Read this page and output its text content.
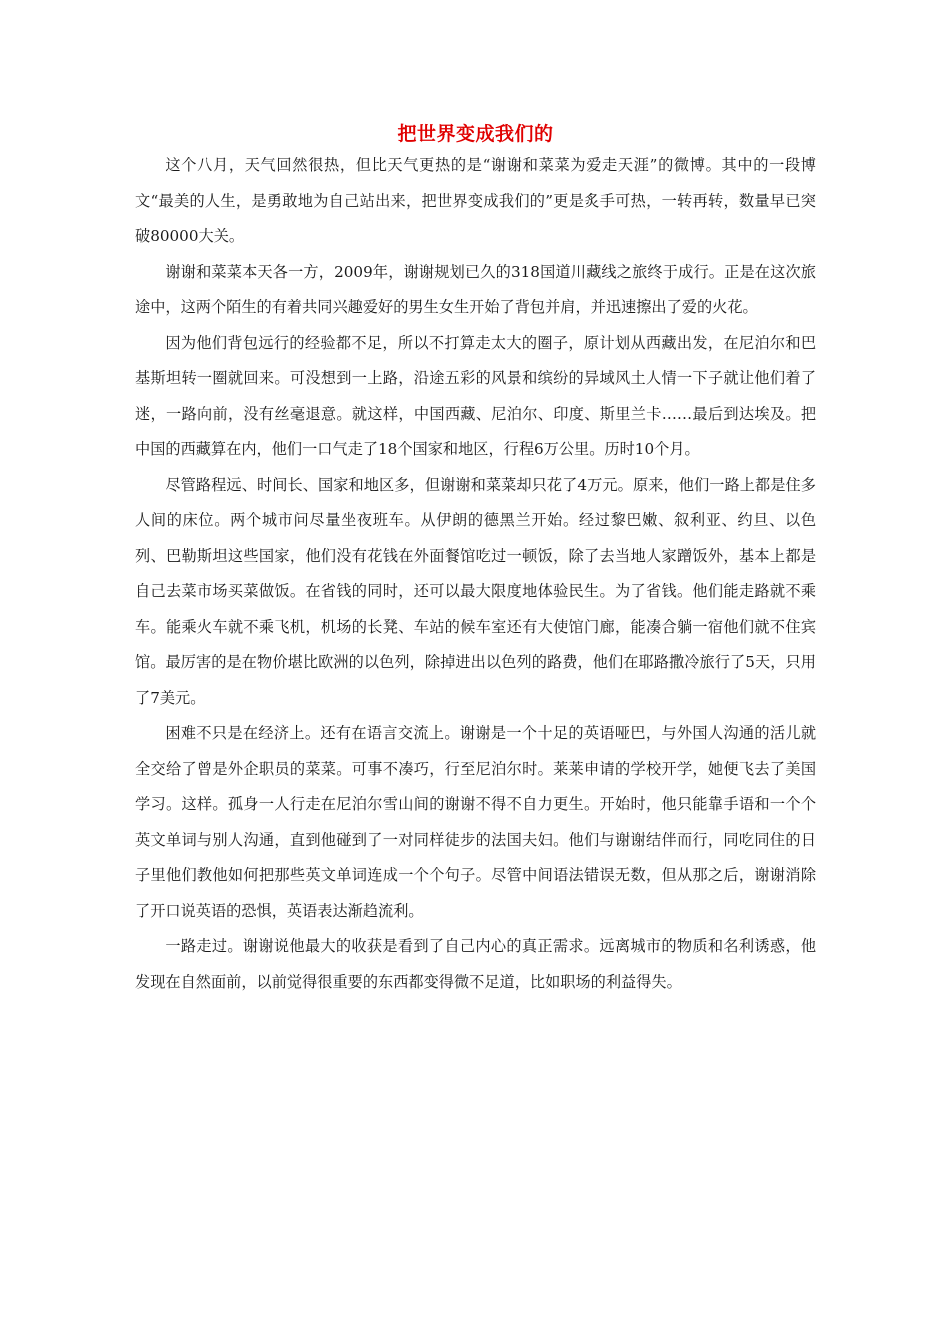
把世界变成我们的

这个八月，天气回然很热，但比天气更热的是“谢谢和菜菜为爱走天涯”的微博。其中的一段博文“最美的人生，是勇敢地为自己站出来，把世界变成我们的”更是炙手可热，一转再转，数量早已突破80000大关。

谢谢和菜菜本天各一方，2009年，谢谢规划已久的318国道川藏线之旅终于成行。正是在这次旅途中，这两个陌生的有着共同兴趣爱好的男生女生开始了背包并肩，并迅速擦出了爱的火花。

因为他们背包远行的经验都不足，所以不打算走太大的圈子，原计划从西藏出发，在尼泊尔和巴基斯坦转一圈就回来。可没想到一上路，沿途五彩的风景和缤纷的异域风土人情一下子就让他们着了迷，一路向前，没有丝毫退意。就这样，中国西藏、尼泊尔、印度、斯里兰卡……最后到达埃及。把中国的西藏算在内，他们一口气走了18个国家和地区，行程6万公里。历时10个月。

尽管路程远、时间长、国家和地区多，但谢谢和菜菜却只花了4万元。原来，他们一路上都是住多人间的床位。两个城市问尽量坐夜班车。从伊朗的德黑兰开始。经过黎巴嫩、叙利亚、约旦、以色列、巴勒斯坦这些国家，他们没有花钱在外面餐馆吃过一顿饭，除了去当地人家蹭饭外，基本上都是自己去菜市场买菜做饭。在省钱的同时，还可以最大限度地体验民生。为了省钱。他们能走路就不乘车。能乘火车就不乘飞机，机场的长凳、车站的候车室还有大使馆门廊，能凑合躺一宿他们就不住宾馆。最厉害的是在物价堪比欧洲的以色列，除掉进出以色列的路费，他们在耶路撒冷旅行了5天，只用了7美元。

困难不只是在经济上。还有在语言交流上。谢谢是一个十足的英语哑巴，与外国人沟通的活儿就全交给了曾是外企职员的菜菜。可事不凑巧，行至尼泊尔时。莱莱申请的学校开学，她便飞去了美国学习。这样。孤身一人行走在尼泊尔雪山间的谢谢不得不自力更生。开始时，他只能靠手语和一个个英文单词与别人沟通，直到他碰到了一对同样徒步的法国夫妇。他们与谢谢结伴而行，同吃同住的日子里他们教他如何把那些英文单词连成一个个句子。尽管中间语法错误无数，但从那之后，谢谢消除了开口说英语的恐惧，英语表达渐趋流利。

一路走过。谢谢说他最大的收获是看到了自己内心的真正需求。远离城市的物质和名利诱惑，他发现在自然面前，以前觉得很重要的东西都变得微不足道，比如职场的利益得失。
